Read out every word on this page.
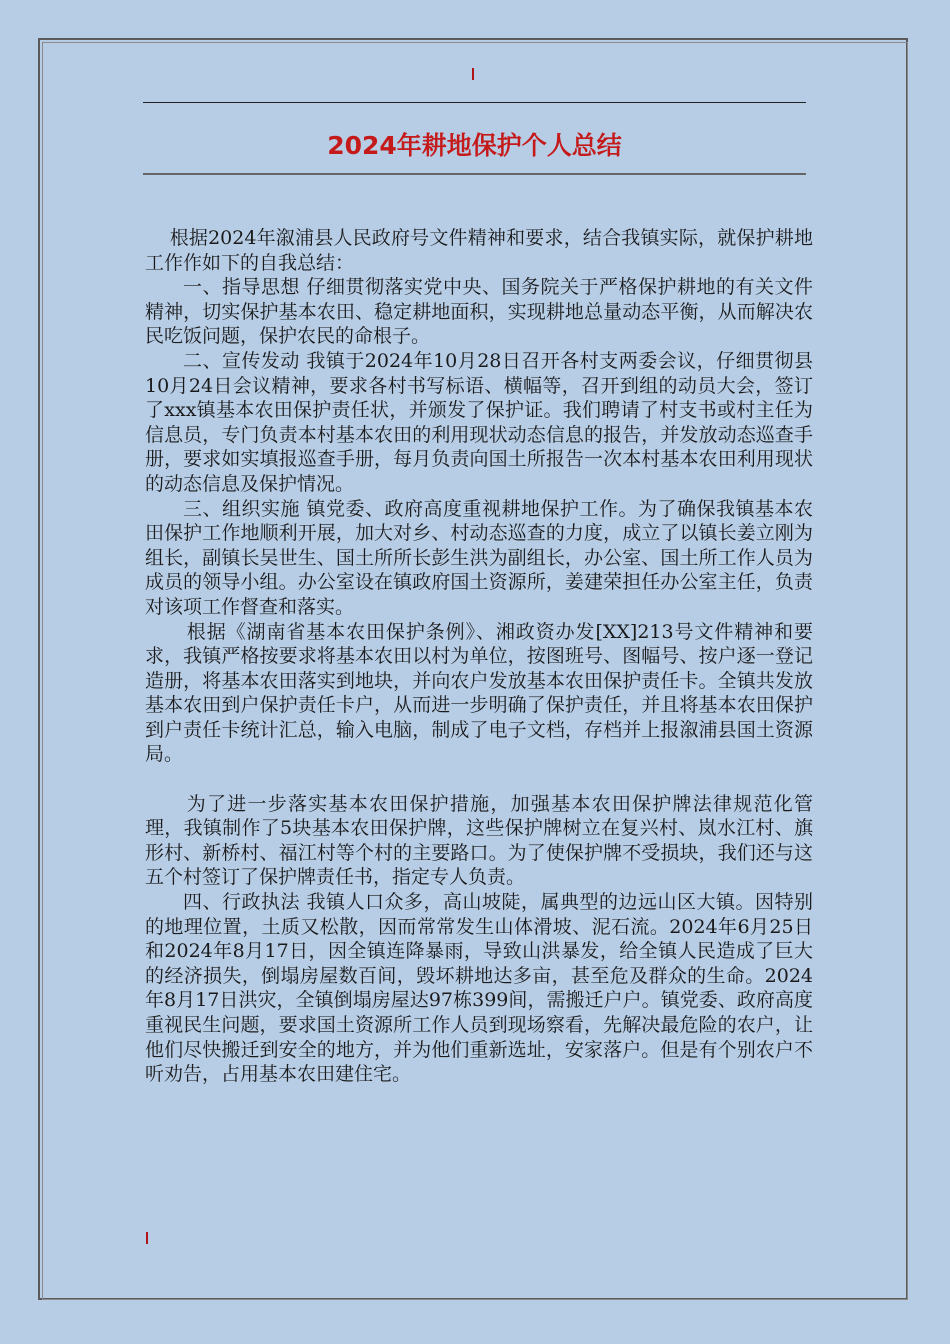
2024年耕地保护个人总结

根据2024年溆浦县人民政府号文件精神和要求，结合我镇实际，就保护耕地工作作如下的自我总结：

一、指导思想 仔细贯彻落实党中央、国务院关于严格保护耕地的有关文件精神，切实保护基本农田、稳定耕地面积，实现耕地总量动态平衡，从而解决农民吃饭问题，保护农民的命根子。

二、宣传发动 我镇于2024年10月28日召开各村支两委会议，仔细贯彻县10月24日会议精神，要求各村书写标语、横幅等，召开到组的动员大会，签订了xxx镇基本农田保护责任状，并颁发了保护证。我们聘请了村支书或村主任为信息员，专门负责本村基本农田的利用现状动态信息的报告，并发放动态巡查手册，要求如实填报巡查手册，每月负责向国土所报告一次本村基本农田利用现状的动态信息及保护情况。

三、组织实施 镇党委、政府高度重视耕地保护工作。为了确保我镇基本农田保护工作地顺利开展，加大对乡、村动态巡查的力度，成立了以镇长姜立刚为组长，副镇长吴世生、国土所所长彭生洪为副组长，办公室、国土所工作人员为成员的领导小组。办公室设在镇政府国土资源所，姜建荣担任办公室主任，负责对该项工作督查和落实。

根据《湖南省基本农田保护条例》、湘政资办发[XX]213号文件精神和要求，我镇严格按要求将基本农田以村为单位，按图班号、图幅号、按户逐一登记造册，将基本农田落实到地块，并向农户发放基本农田保护责任卡。全镇共发放基本农田到户保护责任卡户，从而进一步明确了保护责任，并且将基本农田保护到户责任卡统计汇总，输入电脑，制成了电子文档，存档并上报溆浦县国土资源局。

为了进一步落实基本农田保护措施，加强基本农田保护牌法律规范化管理，我镇制作了5块基本农田保护牌，这些保护牌树立在复兴村、岚水江村、旗形村、新桥村、福江村等个村的主要路口。为了使保护牌不受损块，我们还与这五个村签订了保护牌责任书，指定专人负责。

四、行政执法 我镇人口众多，高山坡陡，属典型的边远山区大镇。因特别的地理位置，土质又松散，因而常常发生山体滑坡、泥石流。2024年6月25日和2024年8月17日，因全镇连降暴雨，导致山洪暴发，给全镇人民造成了巨大的经济损失，倒塌房屋数百间，毁坏耕地达多亩，甚至危及群众的生命。2024年8月17日洪灾，全镇倒塌房屋达97栋399间，需搬迁户户。镇党委、政府高度重视民生问题，要求国土资源所工作人员到现场察看，先解决最危险的农户，让他们尽快搬迁到安全的地方，并为他们重新选址，安家落户。但是有个别农户不听劝告，占用基本农田建住宅。
